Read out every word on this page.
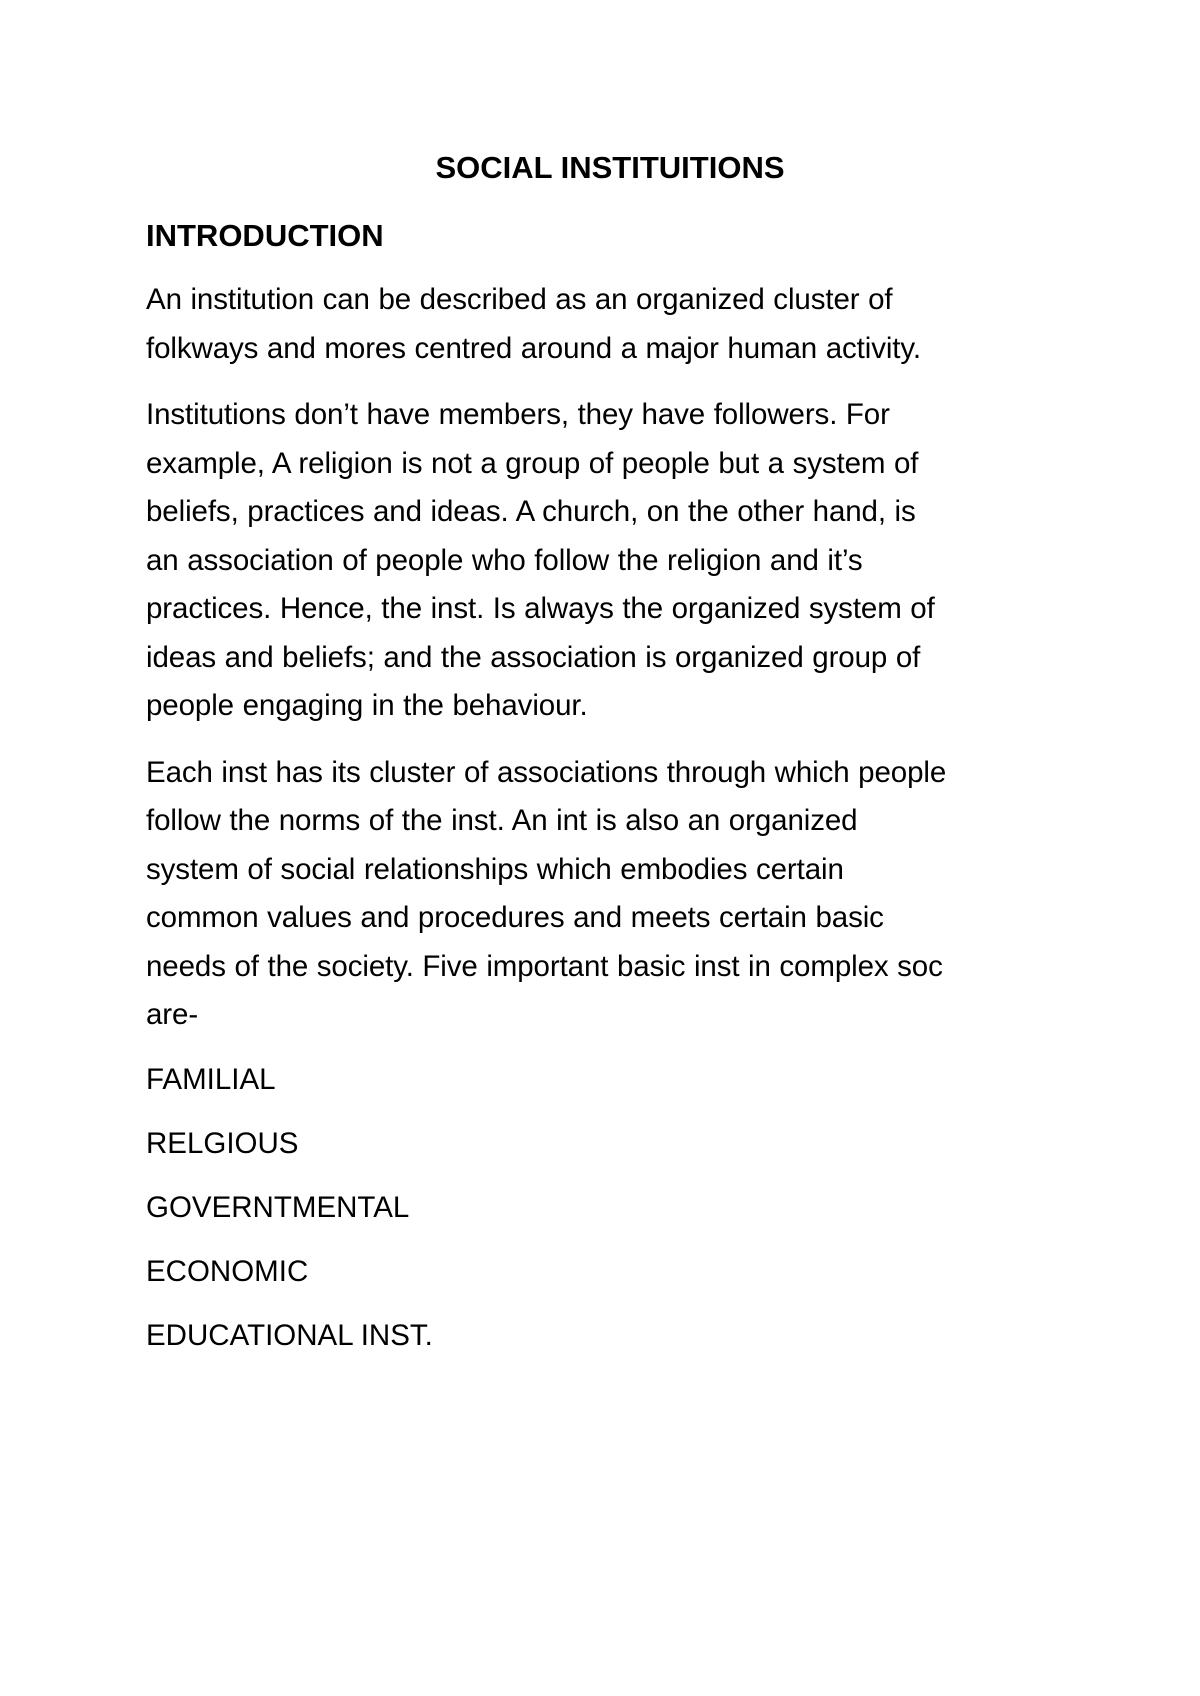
SOCIAL INSTITUITIONS
INTRODUCTION

An institution can be described as an organized cluster of
folkways and mores centred around a major human activity.

Institutions don’t have members, they have followers. For
example, A religion is not a group of people but a system of
beliefs, practices and ideas. A church, on the other hand, is
an association of people who follow the religion and it’s
practices. Hence, the inst. Is always the organized system of
ideas and beliefs; and the association is organized group of
people engaging in the behaviour.

Each inst has its cluster of associations through which people
follow the norms of the inst. An int is also an organized
system of social relationships which embodies certain
common values and procedures and meets certain basic
needs of the society. Five important basic inst in complex soc
are-

FAMILIAL
RELGIOUS
GOVERNTMENTAL
ECONOMIC
EDUCATIONAL INST.
